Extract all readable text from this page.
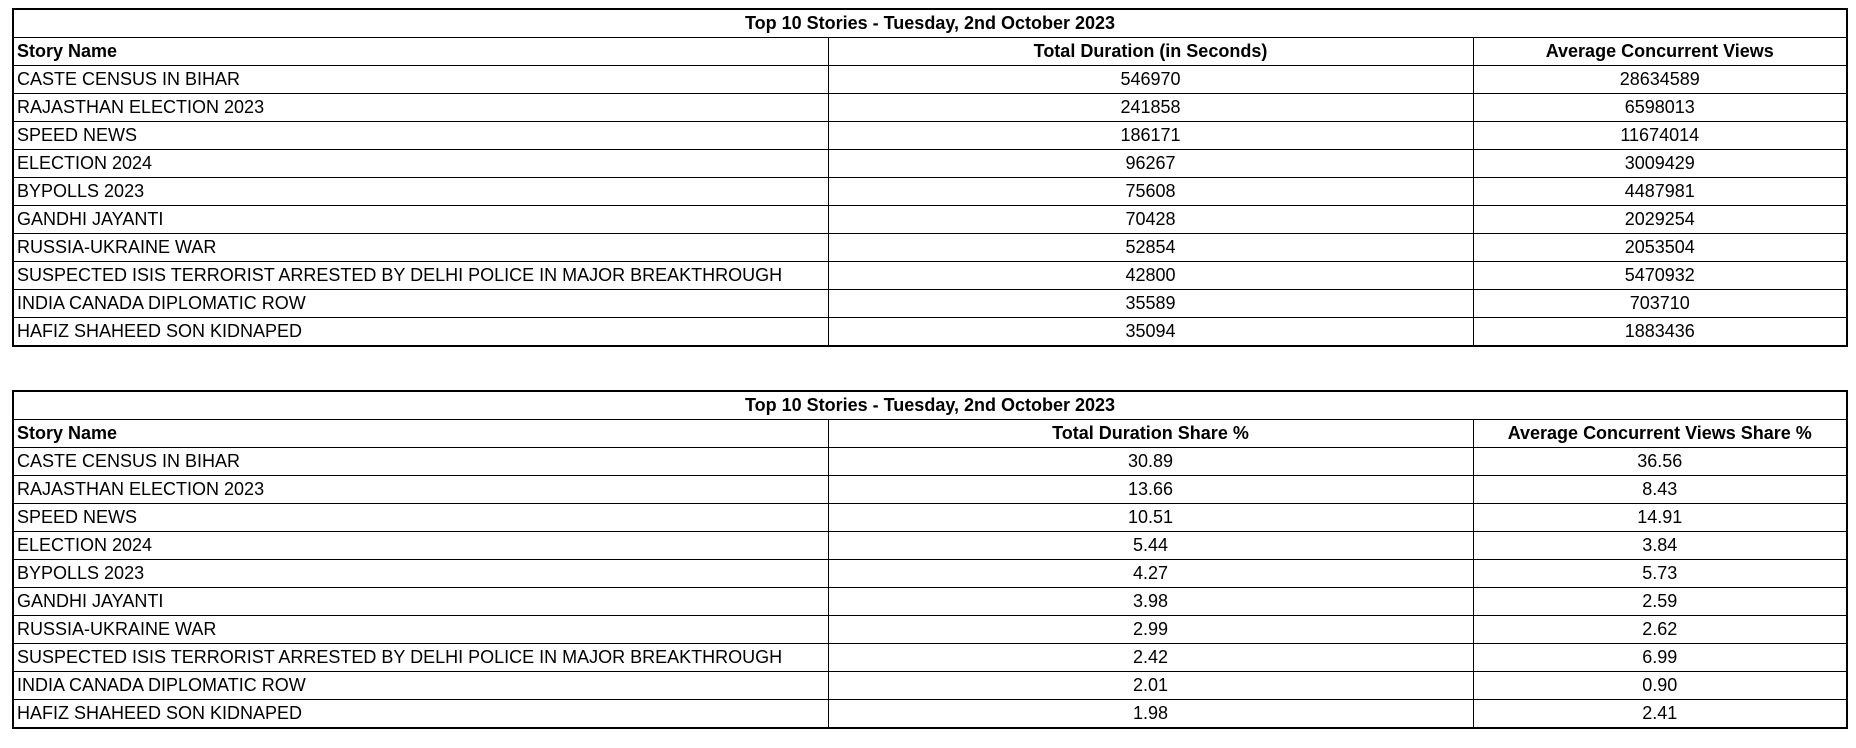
Top 10 Stories - Tuesday, 2nd October 2023		
Story Name	Total Duration (in Seconds)	Average Concurrent Views
CASTE CENSUS IN BIHAR	546970	28634589
RAJASTHAN ELECTION 2023	241858	6598013
SPEED NEWS	186171	11674014
ELECTION 2024	96267	3009429
BYPOLLS 2023	75608	4487981
GANDHI JAYANTI	70428	2029254
RUSSIA-UKRAINE WAR	52854	2053504
SUSPECTED ISIS TERRORIST ARRESTED BY DELHI POLICE IN MAJOR BREAKTHROUGH	42800	5470932
INDIA CANADA DIPLOMATIC ROW	35589	703710
HAFIZ SHAHEED SON KIDNAPED	35094	1883436
Top 10 Stories - Tuesday, 2nd October 2023		
Story Name	Total Duration Share %	Average Concurrent Views Share %
CASTE CENSUS IN BIHAR	30.89	36.56
RAJASTHAN ELECTION 2023	13.66	8.43
SPEED NEWS	10.51	14.91
ELECTION 2024	5.44	3.84
BYPOLLS 2023	4.27	5.73
GANDHI JAYANTI	3.98	2.59
RUSSIA-UKRAINE WAR	2.99	2.62
SUSPECTED ISIS TERRORIST ARRESTED BY DELHI POLICE IN MAJOR BREAKTHROUGH	2.42	6.99
INDIA CANADA DIPLOMATIC ROW	2.01	0.90
HAFIZ SHAHEED SON KIDNAPED	1.98	2.41
